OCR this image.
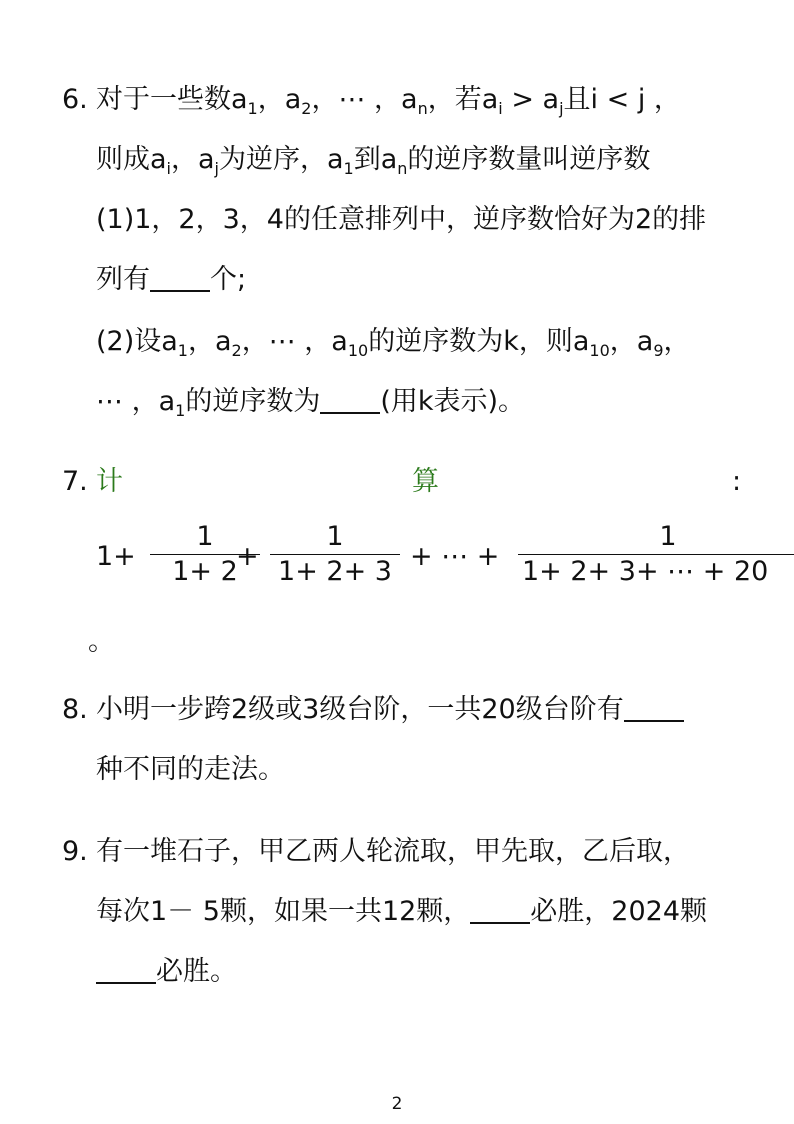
6. 对于一些数$a_1$，$a_2$，⋯ ，$a_n$，若$a_i > a_j$且i < j ，
则成$a_i$，$a_j$为逆序，$a_1$到$a_n$的逆序数量叫逆序数
(1)1，2，3，4的任意排列中，逆序数恰好为2的排
列有 个;
(2)设$a_1$，$a_2$，⋯ ，$a_{10}$的逆序数为k，则$a_{10}$，$a_9$，
⋯ ，$a_1$的逆序数为 (用k表示)。
7. 计	算	:
1+
1
1+ 2
+
1
1+ 2+ 3 + ⋯ +
1
1+ 2+ 3+ ⋯ + 20
。
8. 小明一步跨2级或3级台阶，一共20级台阶有
种不同的走法。
9. 有一堆石子，甲乙两人轮流取，甲先取，乙后取，
每次1－ 5颗，如果一共12颗， 必胜，2024颗
必胜。
2
